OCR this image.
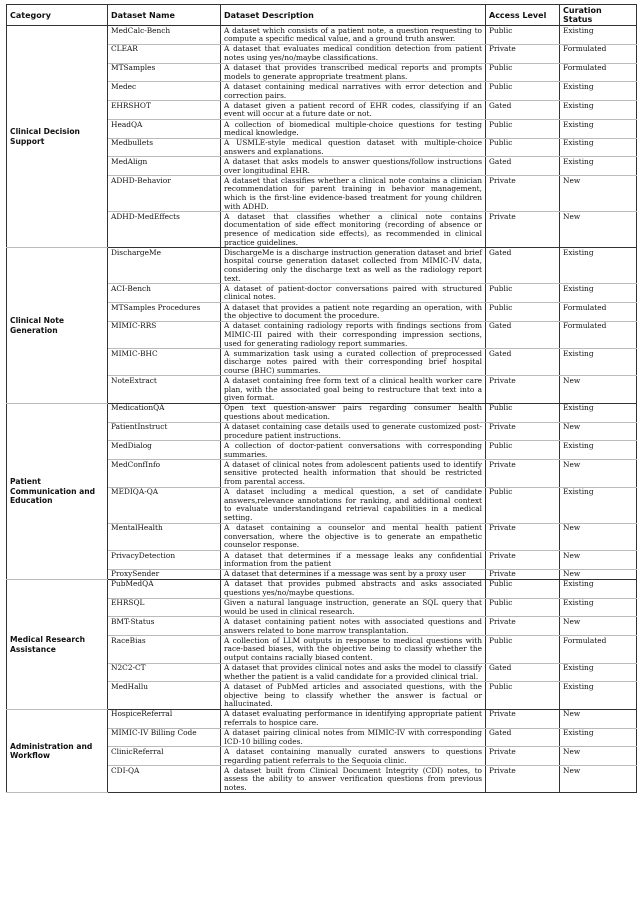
Category	Dataset Name	Dataset Description	Access Level	Curation Status
Clinical Decision Support	MedCalc-Bench	A dataset which consists of a patient note, a question requesting to compute a specific medical value, and a ground truth answer.	Public	Existing
	CLEAR	A dataset that evaluates medical condition detection from patient notes using yes/no/maybe classifications.	Private	Formulated
	MTSamples	A dataset that provides transcribed medical reports and prompts models to generate appropriate treatment plans.	Public	Formulated
	Medec	A dataset containing medical narratives with error detection and correction pairs.	Public	Existing
	EHRSHOT	A dataset given a patient record of EHR codes, classifying if an event will occur at a future date or not.	Gated	Existing
	HeadQA	A collection of biomedical multiple-choice questions for testing medical knowledge.	Public	Existing
	Medbullets	A USMLE-style medical question dataset with multiple-choice answers and explanations.	Public	Existing
	MedAlign	A dataset that asks models to answer questions/follow instructions over longitudinal EHR.	Gated	Existing
	ADHD-Behavior	A dataset that classifies whether a clinical note contains a clinician recommendation for parent training in behavior management, which is the first-line evidence-based treatment for young children with ADHD.	Private	New
	ADHD-MedEffects	A dataset that classifies whether a clinical note contains documentation of side effect monitoring (recording of absence or presence of medication side effects), as recommended in clinical practice guidelines.	Private	New
Clinical Note Generation	DischargeMe	DischargeMe is a discharge instruction generation dataset and brief hospital course generation dataset collected from MIMIC-IV data, considering only the discharge text as well as the radiology report text.	Gated	Existing
	ACI-Bench	A dataset of patient-doctor conversations paired with structured clinical notes.	Public	Existing
	MTSamples Procedures	A dataset that provides a patient note regarding an operation, with the objective to document the procedure.	Public	Formulated
	MIMIC-RRS	A dataset containing radiology reports with findings sections from MIMIC-III paired with their corresponding impression sections, used for generating radiology report summaries.	Gated	Formulated
	MIMIC-BHC	A summarization task using a curated collection of preprocessed discharge notes paired with their corresponding brief hospital course (BHC) summaries.	Gated	Existing
	NoteExtract	A dataset containing free form text of a clinical health worker care plan, with the associated goal being to restructure that text into a given format.	Private	New
Patient Communication and Education	MedicationQA	Open text question-answer pairs regarding consumer health questions about medication.	Public	Existing
	PatientInstruct	A dataset containing case details used to generate customized post-procedure patient instructions.	Private	New
	MedDialog	A collection of doctor-patient conversations with corresponding summaries.	Public	Existing
	MedConfInfo	A dataset of clinical notes from adolescent patients used to identify sensitive protected health information that should be restricted from parental access.	Private	New
	MEDIQA-QA	A dataset including a medical question, a set of candidate answers,relevance annotations for ranking, and additional context to evaluate understandingand retrieval capabilities in a medical setting.	Public	Existing
	MentalHealth	A dataset containing a counselor and mental health patient conversation, where the objective is to generate an empathetic counselor response.	Private	New
	PrivacyDetection	A dataset that determines if a message leaks any confidential information from the patient	Private	New
	ProxySender	A dataset that determines if a message was sent by a proxy user	Private	New
Medical Research Assistance	PubMedQA	A dataset that provides pubmed abstracts and asks associated questions yes/no/maybe questions.	Public	Existing
	EHRSQL	Given a natural language instruction, generate an SQL query that would be used in clinical research.	Public	Existing
	BMT-Status	A dataset containing patient notes with associated questions and answers related to bone marrow transplantation.	Private	New
	RaceBias	A collection of LLM outputs in response to medical questions with race-based biases, with the objective being to classify whether the output contains racially biased content.	Public	Formulated
	N2C2-CT	A dataset that provides clinical notes and asks the model to classify whether the patient is a valid candidate for a provided clinical trial.	Gated	Existing
	MedHallu	A dataset of PubMed articles and associated questions, with the objective being to classify whether the answer is factual or hallucinated.	Public	Existing
Administration and Workflow	HospiceReferral	A dataset evaluating performance in identifying appropriate patient referrals to hospice care.	Private	New
	MIMIC-IV Billing Code	A dataset pairing clinical notes from MIMIC-IV with corresponding ICD-10 billing codes.	Gated	Existing
	ClinicReferral	A dataset containing manually curated answers to questions regarding patient referrals to the Sequoia clinic.	Private	New
	CDI-QA	A dataset built from Clinical Document Integrity (CDI) notes, to assess the ability to answer verification questions from previous notes.	Private	New
